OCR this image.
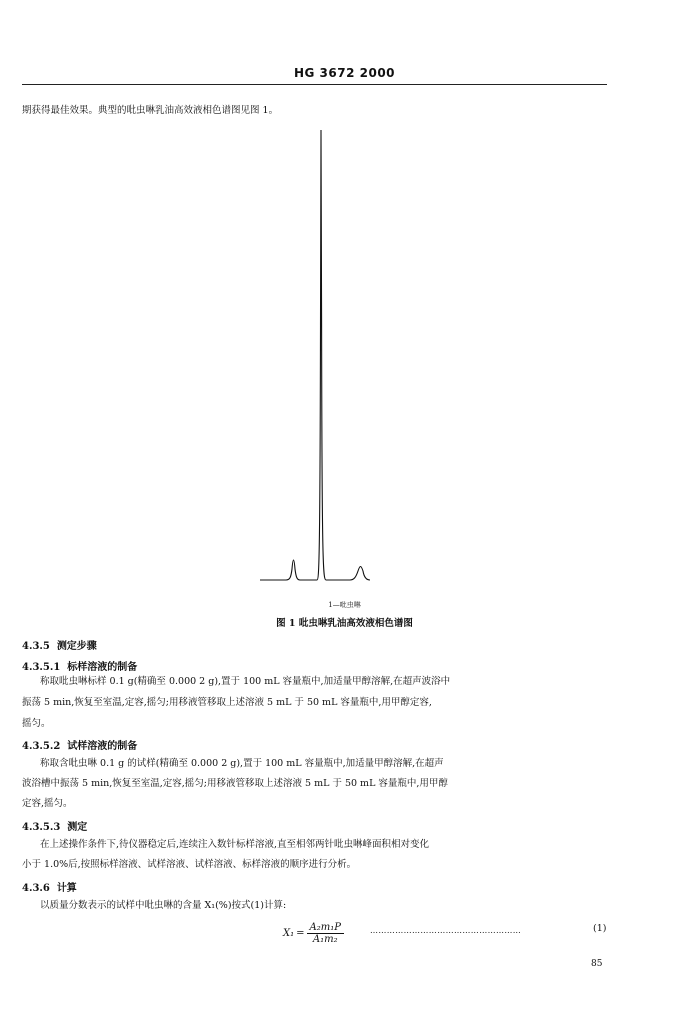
HG 3672 2000
期获得最佳效果。典型的吡虫啉乳油高效液相色谱图见图 1。
1—吡虫啉
图 1 吡虫啉乳油高效液相色谱图
4.3.5 测定步骤
4.3.5.1 标样溶液的制备
称取吡虫啉标样 0.1 g(精确至 0.000 2 g),置于 100 mL 容量瓶中,加适量甲醇溶解,在超声波浴中
振荡 5 min,恢复至室温,定容,摇匀;用移液管移取上述溶液 5 mL 于 50 mL 容量瓶中,用甲醇定容,
摇匀。
4.3.5.2 试样溶液的制备
称取含吡虫啉 0.1 g 的试样(精确至 0.000 2 g),置于 100 mL 容量瓶中,加适量甲醇溶解,在超声
波浴槽中振荡 5 min,恢复至室温,定容,摇匀;用移液管移取上述溶液 5 mL 于 50 mL 容量瓶中,用甲醇
定容,摇匀。
4.3.5.3 测定
在上述操作条件下,待仪器稳定后,连续注入数针标样溶液,直至相邻两针吡虫啉峰面积相对变化
小于 1.0%后,按照标样溶液、试样溶液、试样溶液、标样溶液的顺序进行分析。
4.3.6 计算
以质量分数表示的试样中吡虫啉的含量 X₁(%)按式(1)计算:
$X_1 = \frac{\text{A₂m₁P}}{\text{A₁m₂}}$	………………………………………………	(1)
85
